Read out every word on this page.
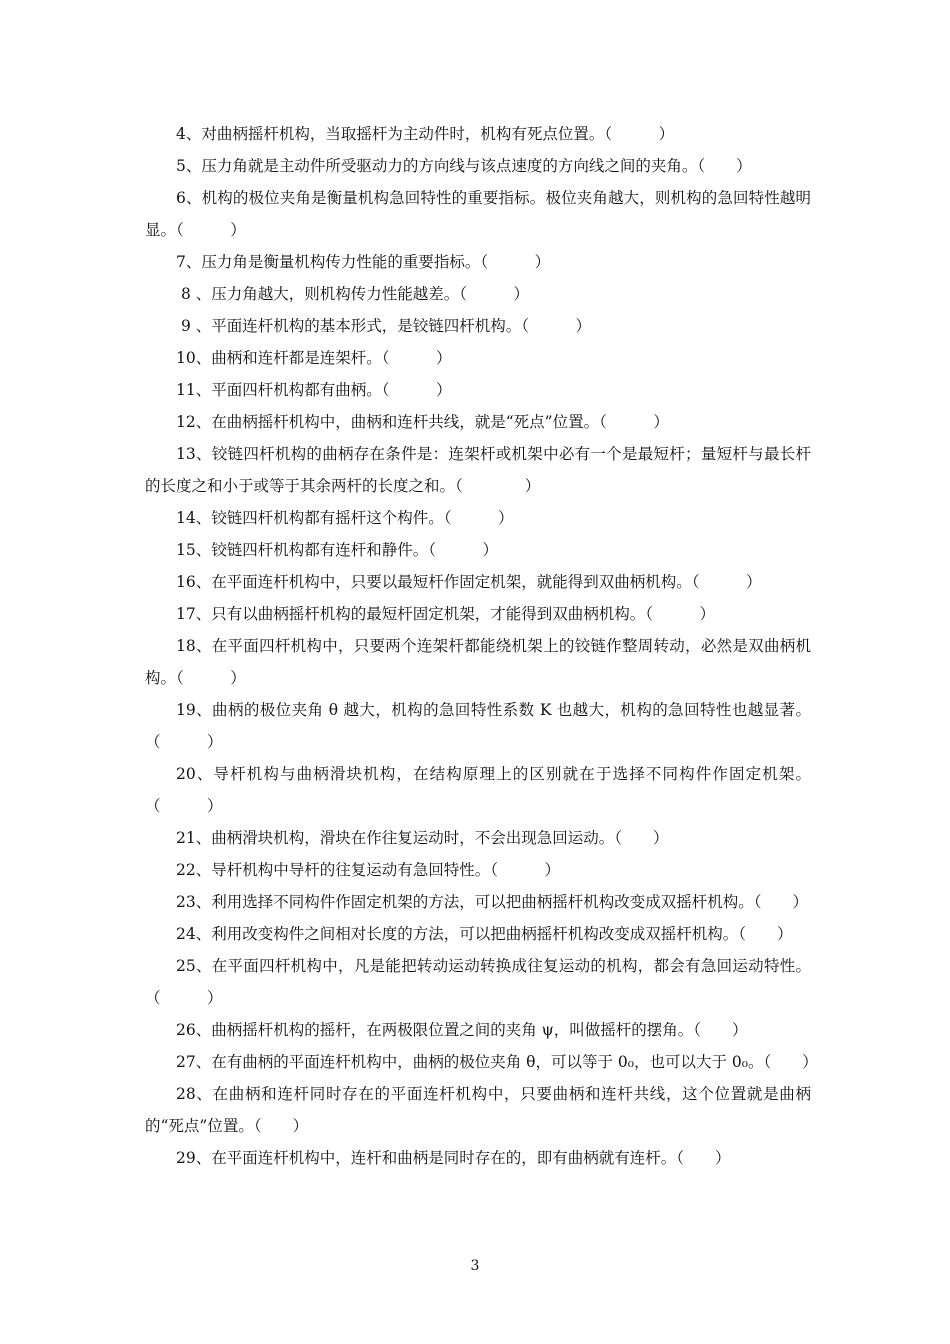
4、对曲柄摇杆机构，当取摇杆为主动件时，机构有死点位置。（　　　）

5、压力角就是主动件所受驱动力的方向线与该点速度的方向线之间的夹角。（　　）

6、机构的极位夹角是衡量机构急回特性的重要指标。极位夹角越大，则机构的急回特性越明显。（　　　）

7、压力角是衡量机构传力性能的重要指标。（　　　）

8 、压力角越大，则机构传力性能越差。（　　　）

9 、平面连杆机构的基本形式，是铰链四杆机构。（　　　）

10、曲柄和连杆都是连架杆。（　　　）

11、平面四杆机构都有曲柄。（　　　）

12、在曲柄摇杆机构中，曲柄和连杆共线，就是“死点”位置。（　　　）

13、铰链四杆机构的曲柄存在条件是：连架杆或机架中必有一个是最短杆；量短杆与最长杆的长度之和小于或等于其余两杆的长度之和。（　　　　）

14、铰链四杆机构都有摇杆这个构件。（　　　）

15、铰链四杆机构都有连杆和静件。（　　　）

16、在平面连杆机构中，只要以最短杆作固定机架，就能得到双曲柄机构。（　　　）

17、只有以曲柄摇杆机构的最短杆固定机架，才能得到双曲柄机构。（　　　）

18、在平面四杆机构中，只要两个连架杆都能绕机架上的铰链作整周转动，必然是双曲柄机构。（　　　）

19、曲柄的极位夹角 θ 越大，机构的急回特性系数 K 也越大，机构的急回特性也越显著。（　　　）

20、导杆机构与曲柄滑块机构，在结构原理上的区别就在于选择不同构件作固定机架。（　　　）

21、曲柄滑块机构，滑块在作往复运动时，不会出现急回运动。（　　）

22、导杆机构中导杆的往复运动有急回特性。（　　　）

23、利用选择不同构件作固定机架的方法，可以把曲柄摇杆机构改变成双摇杆机构。（　　）

24、利用改变构件之间相对长度的方法，可以把曲柄摇杆机构改变成双摇杆机构。（　　）

25、在平面四杆机构中，凡是能把转动运动转换成往复运动的机构，都会有急回运动特性。（　　　）

26、曲柄摇杆机构的摇杆，在两极限位置之间的夹角 ψ，叫做摇杆的摆角。（　　）

27、在有曲柄的平面连杆机构中，曲柄的极位夹角 θ，可以等于 0₀，也可以大于 0₀。（　　）

28、在曲柄和连杆同时存在的平面连杆机构中，只要曲柄和连杆共线，这个位置就是曲柄的“死点”位置。（　　）

29、在平面连杆机构中，连杆和曲柄是同时存在的，即有曲柄就有连杆。（　　）

3
